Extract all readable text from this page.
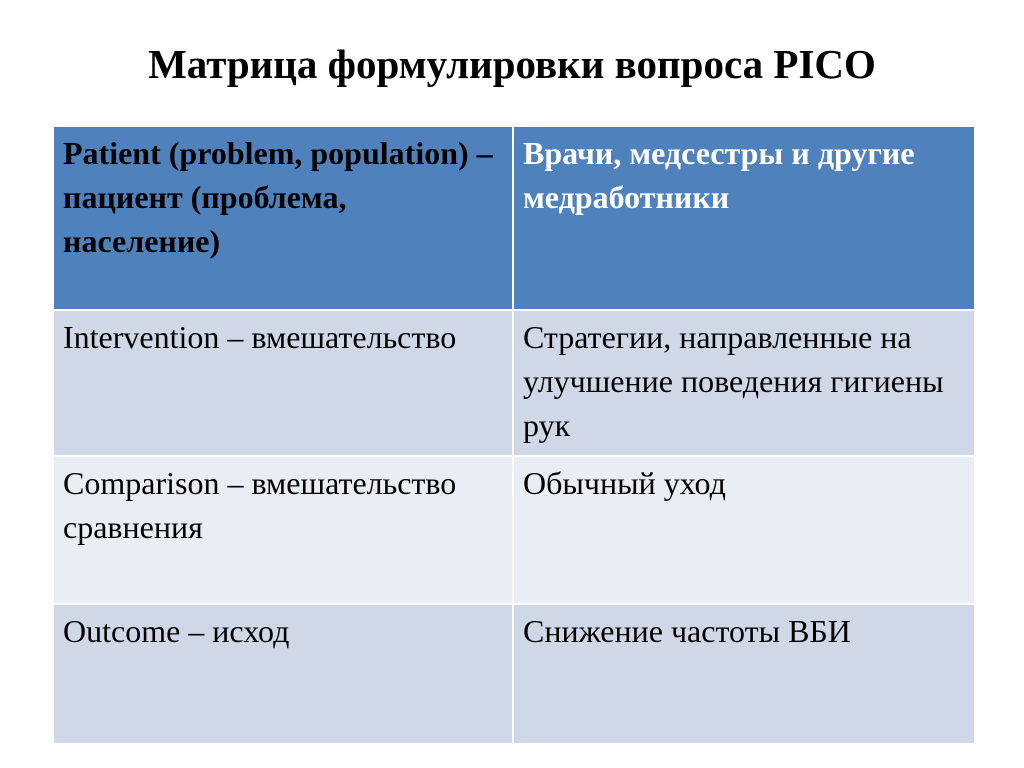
Матрица формулировки вопроса PICO
Patient (problem, population) – пациент (проблема, население)	Врачи, медсестры и другие медработники
Intervention – вмешательство	Стратегии, направленные на улучшение поведения гигиены рук
Comparison – вмешательство сравнения	Обычный уход
Outcome – исход	Снижение частоты ВБИ
